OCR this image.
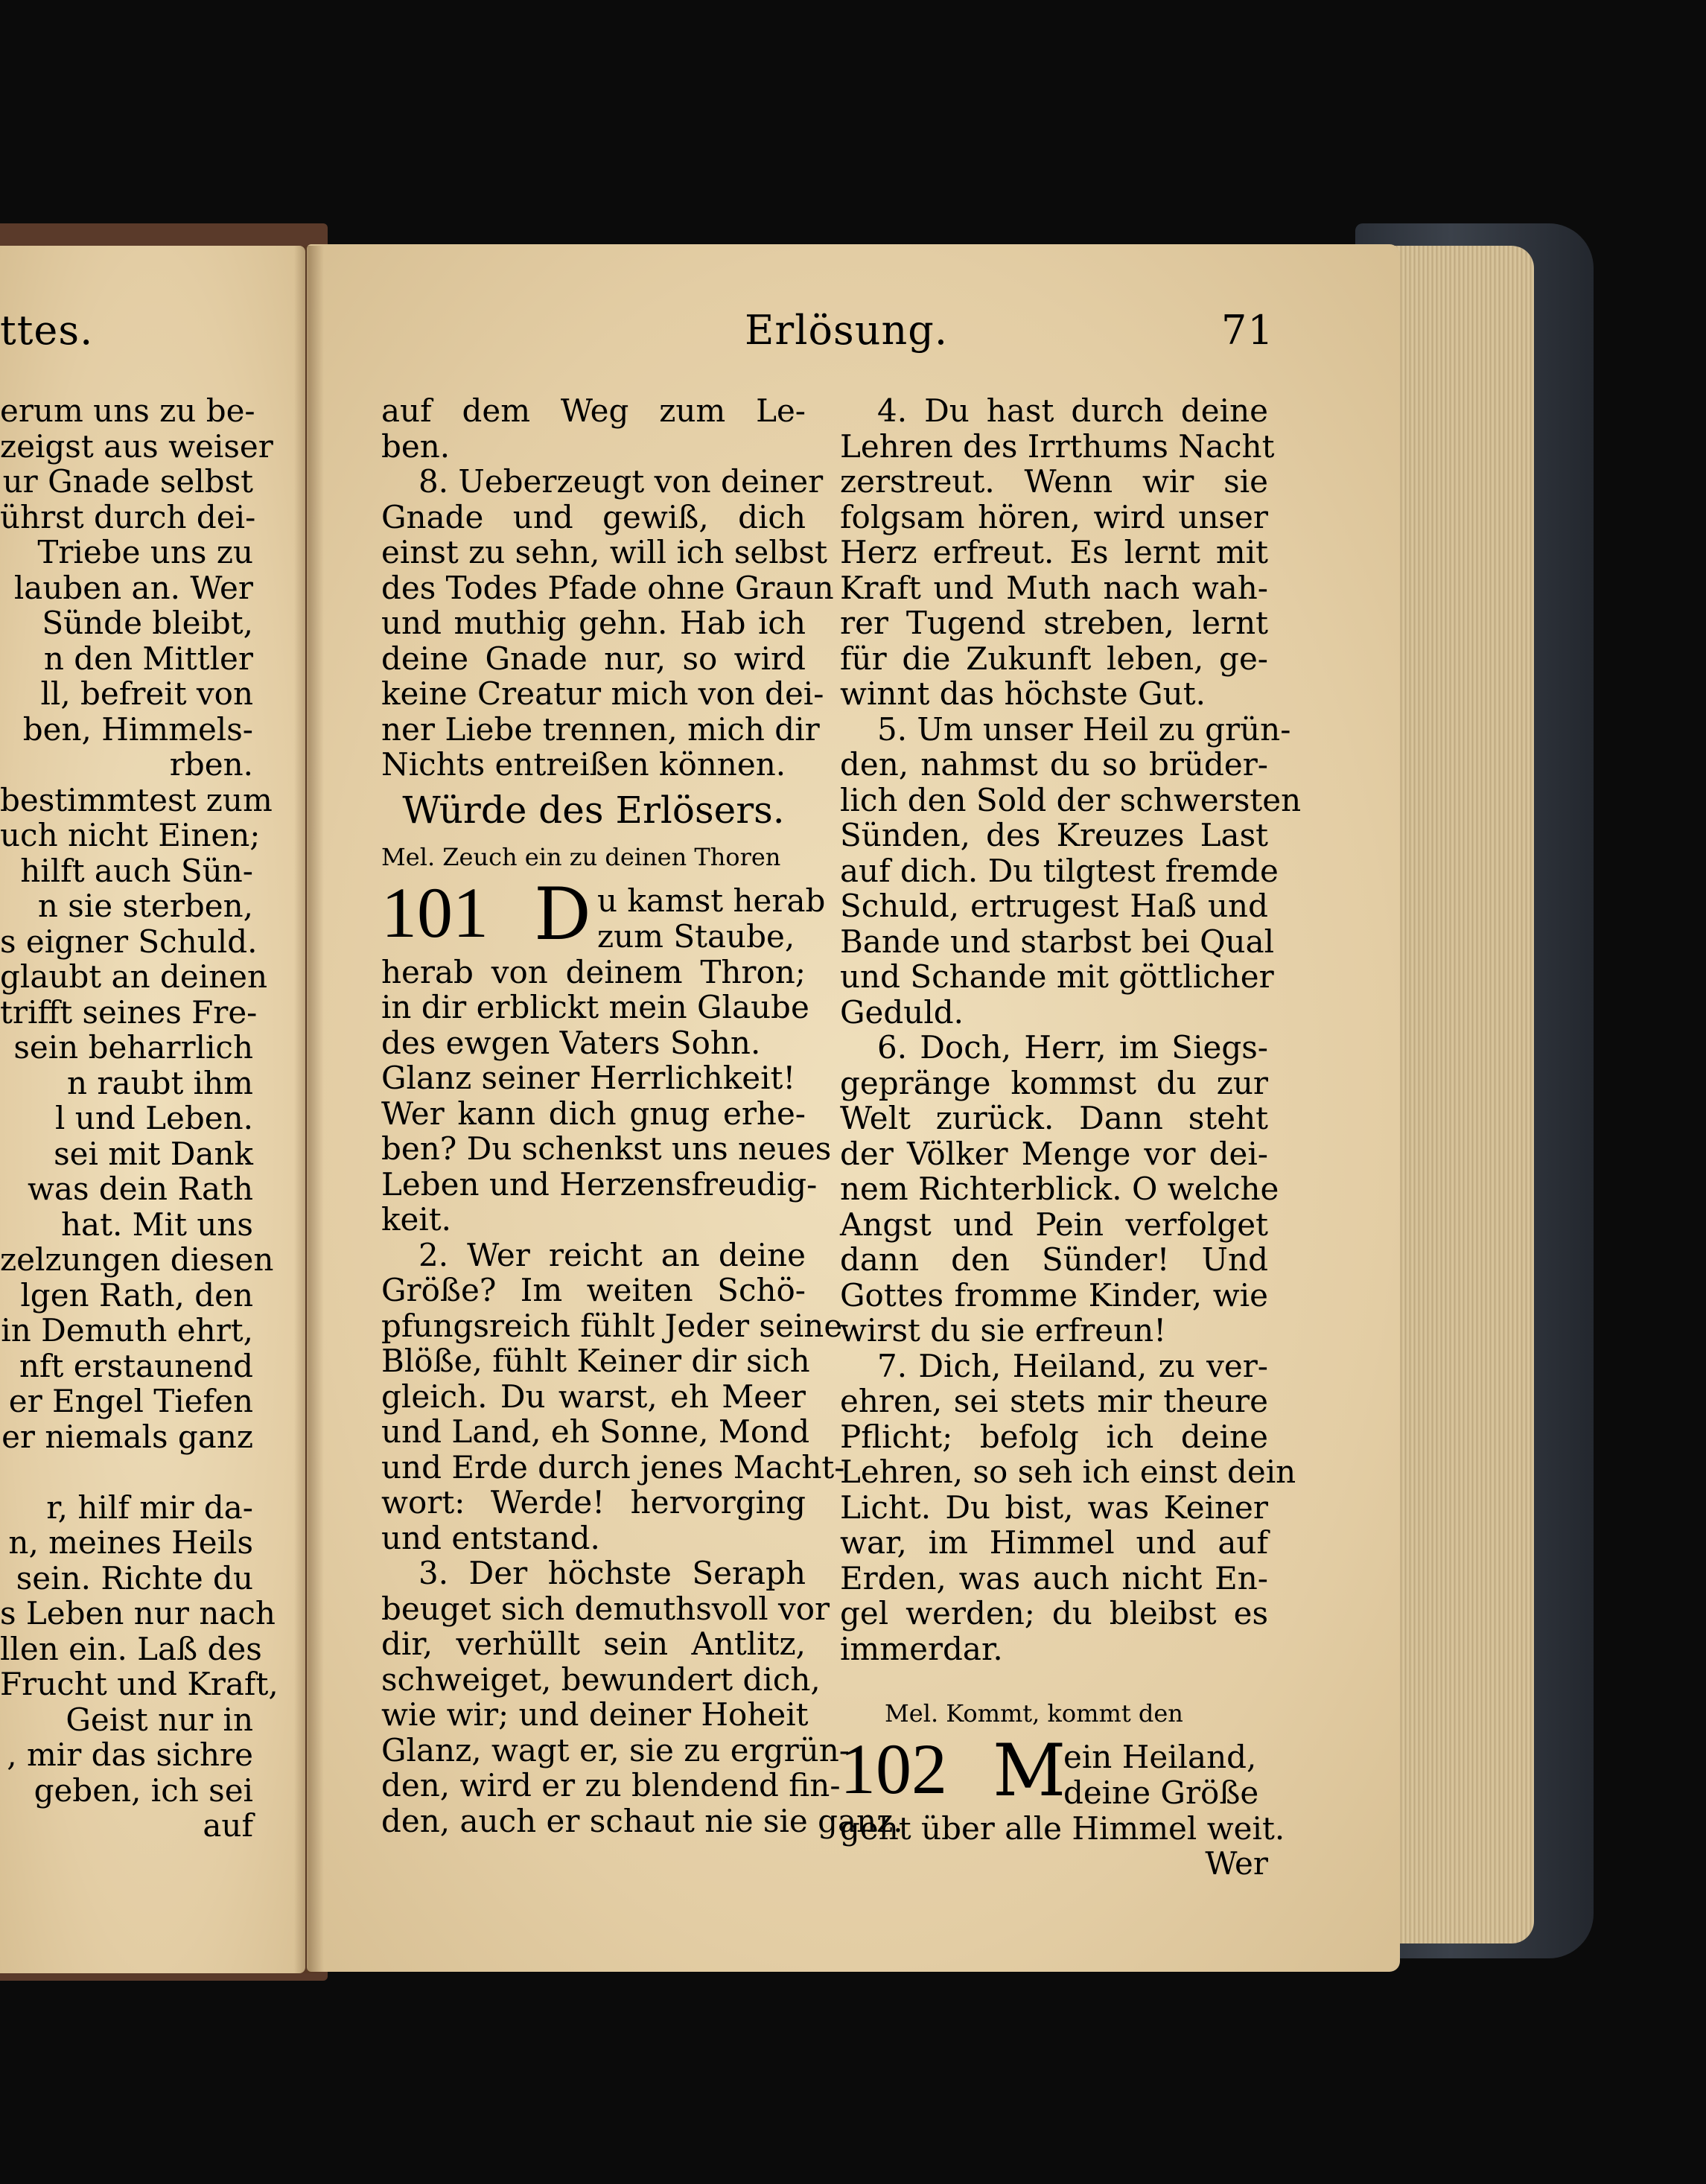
ttes.	Erlösung.	71
erum uns zu be-
zeigst aus weiser
ur Gnade selbst
ührst durch dei-
Triebe uns zu
lauben an. Wer
Sünde bleibt,
n den Mittler
ll, befreit von
ben, Himmels-
rben.
bestimmtest zum
uch nicht Einen;
hilft auch Sün-
n sie sterben,
s eigner Schuld.
glaubt an deinen
trifft seines Fre-
sein beharrlich
n raubt ihm
l und Leben.
sei mit Dank
was dein Rath
hat. Mit uns
zelzungen diesen
lgen Rath, den
in Demuth ehrt,
nft erstaunend
er Engel Tiefen
er niemals ganz

r, hilf mir da-
n, meines Heils
sein. Richte du
s Leben nur nach
llen ein. Laß des
Frucht und Kraft,
Geist nur in
, mir das sichre
geben, ich sei
auf
auf dem Weg zum Le-
ben.
8. Ueberzeugt von deiner
Gnade und gewiß, dich
einst zu sehn, will ich selbst
des Todes Pfade ohne Graun
und muthig gehn. Hab ich
deine Gnade nur, so wird
keine Creatur mich von dei-
ner Liebe trennen, mich dir
Nichts entreißen können.
Würde des Erlösers.
Mel. Zeuch ein zu deinen Thoren
101 D u kamst herab
zum Staube,
herab von deinem Thron;
in dir erblickt mein Glaube
des ewgen Vaters Sohn.
Glanz seiner Herrlichkeit!
Wer kann dich gnug erhe-
ben? Du schenkst uns neues
Leben und Herzensfreudig-
keit.
2. Wer reicht an deine
Größe? Im weiten Schö-
pfungsreich fühlt Jeder seine
Blöße, fühlt Keiner dir sich
gleich. Du warst, eh Meer
und Land, eh Sonne, Mond
und Erde durch jenes Macht-
wort: Werde! hervorging
und entstand.
3. Der höchste Seraph
beuget sich demuthsvoll vor
dir, verhüllt sein Antlitz,
schweiget, bewundert dich,
wie wir; und deiner Hoheit
Glanz, wagt er, sie zu ergrün-
den, wird er zu blendend fin-
den, auch er schaut nie sie ganz.
4. Du hast durch deine
Lehren des Irrthums Nacht
zerstreut. Wenn wir sie
folgsam hören, wird unser
Herz erfreut. Es lernt mit
Kraft und Muth nach wah-
rer Tugend streben, lernt
für die Zukunft leben, ge-
winnt das höchste Gut.
5. Um unser Heil zu grün-
den, nahmst du so brüder-
lich den Sold der schwersten
Sünden, des Kreuzes Last
auf dich. Du tilgtest fremde
Schuld, ertrugest Haß und
Bande und starbst bei Qual
und Schande mit göttlicher
Geduld.
6. Doch, Herr, im Siegs-
gepränge kommst du zur
Welt zurück. Dann steht
der Völker Menge vor dei-
nem Richterblick. O welche
Angst und Pein verfolget
dann den Sünder! Und
Gottes fromme Kinder, wie
wirst du sie erfreun!
7. Dich, Heiland, zu ver-
ehren, sei stets mir theure
Pflicht; befolg ich deine
Lehren, so seh ich einst dein
Licht. Du bist, was Keiner
war, im Himmel und auf
Erden, was auch nicht En-
gel werden; du bleibst es
immerdar.
Mel. Kommt, kommt den
102 M
ein Heiland,
deine Größe
geht über alle Himmel weit.
Wer
